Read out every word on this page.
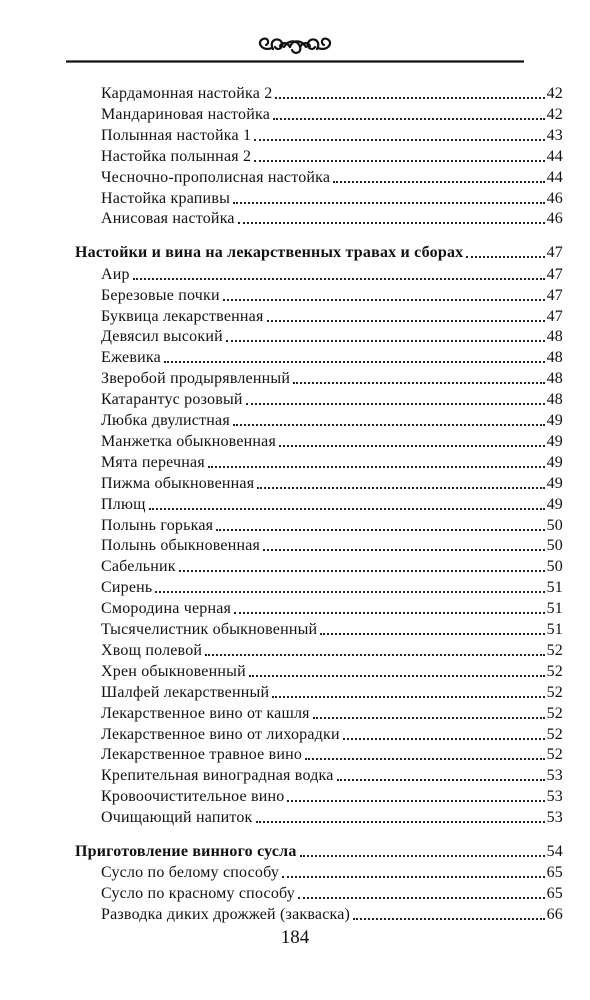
Кардамонная настойка 2	42
Мандариновая настойка	42
Полынная настойка 1	43
Настойка полынная 2	44
Чесночно-прополисная настойка	44
Настойка крапивы	46
Анисовая настойка	46
Настойки и вина на лекарственных травах и сборах	47
Аир	47
Березовые почки	47
Буквица лекарственная	47
Девясил высокий	48
Ежевика	48
Зверобой продырявленный	48
Катарантус розовый	48
Любка двулистная	49
Манжетка обыкновенная	49
Мята перечная	49
Пижма обыкновенная	49
Плющ	49
Полынь горькая	50
Полынь обыкновенная	50
Сабельник	50
Сирень	51
Смородина черная	51
Тысячелистник обыкновенный	51
Хвощ полевой	52
Хрен обыкновенный	52
Шалфей лекарственный	52
Лекарственное вино от кашля	52
Лекарственное вино от лихорадки	52
Лекарственное травное вино	52
Крепительная виноградная водка	53
Кровоочистительное вино	53
Очищающий напиток	53
Приготовление винного сусла	54
Сусло по белому способу	65
Сусло по красному способу	65
Разводка диких дрожжей (закваска)	66
184
